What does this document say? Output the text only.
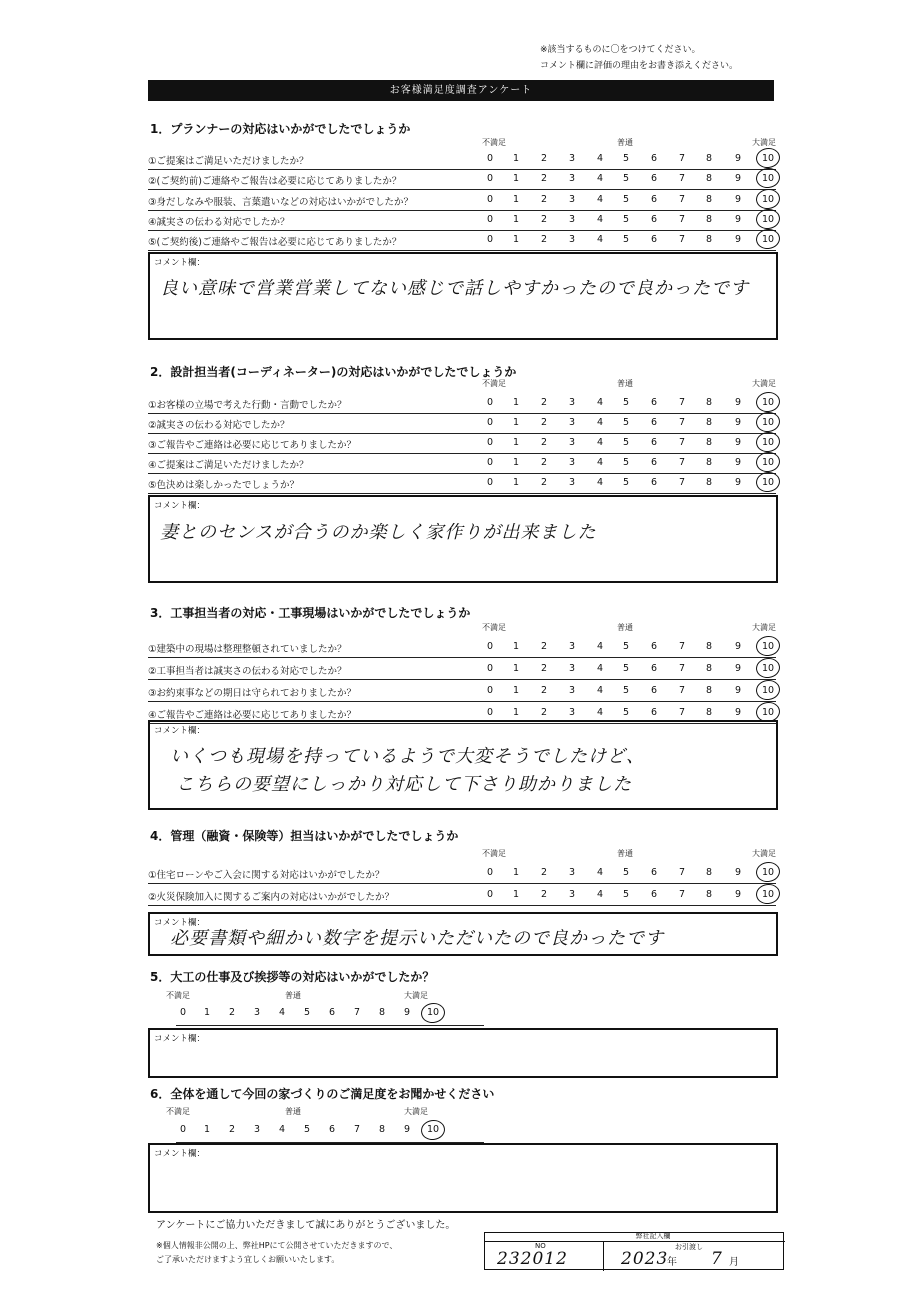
※該当するものに〇をつけてください。
コメント欄に評価の理由をお書き添えください。
お客様満足度調査アンケート
1．プランナーの対応はいかがでしたでしょうか
不満足	普通	大満足
①ご提案はご満足いただけましたか？	0	1	2	3	4	5	6	7	8	9	10
②(ご契約前)ご連絡やご報告は必要に応じてありましたか？	0	1	2	3	4	5	6	7	8	9	10
③身だしなみや服装、言葉遣いなどの対応はいかがでしたか？	0	1	2	3	4	5	6	7	8	9	10
④誠実さの伝わる対応でしたか？	0	1	2	3	4	5	6	7	8	9	10
⑤(ご契約後)ご連絡やご報告は必要に応じてありましたか？	0	1	2	3	4	5	6	7	8	9	10
コメント欄：
良い意味で営業営業してない感じで話しやすかったので良かったです
2．設計担当者(コーディネーター)の対応はいかがでしたでしょうか
不満足	普通	大満足
①お客様の立場で考えた行動・言動でしたか？	0	1	2	3	4	5	6	7	8	9	10
②誠実さの伝わる対応でしたか？	0	1	2	3	4	5	6	7	8	9	10
③ご報告やご連絡は必要に応じてありましたか？	0	1	2	3	4	5	6	7	8	9	10
④ご提案はご満足いただけましたか？	0	1	2	3	4	5	6	7	8	9	10
⑤色決めは楽しかったでしょうか？	0	1	2	3	4	5	6	7	8	9	10
コメント欄：
妻とのセンスが合うのか楽しく家作りが出来ました
3．工事担当者の対応・工事現場はいかがでしたでしょうか
不満足	普通	大満足
①建築中の現場は整理整頓されていましたか？	0	1	2	3	4	5	6	7	8	9	10
②工事担当者は誠実さの伝わる対応でしたか？	0	1	2	3	4	5	6	7	8	9	10
③お約束事などの期日は守られておりましたか？	0	1	2	3	4	5	6	7	8	9	10
④ご報告やご連絡は必要に応じてありましたか？	0	1	2	3	4	5	6	7	8	9	10
コメント欄：
いくつも現場を持っているようで大変そうでしたけど、
こちらの要望にしっかり対応して下さり助かりました
4．管理（融資・保険等）担当はいかがでしたでしょうか
不満足	普通	大満足
①住宅ローンやご入会に関する対応はいかがでしたか？	0	1	2	3	4	5	6	7	8	9	10
②火災保険加入に関するご案内の対応はいかがでしたか？	0	1	2	3	4	5	6	7	8	9	10
コメント欄：
必要書類や細かい数字を提示いただいたので良かったです
5．大工の仕事及び挨拶等の対応はいかがでしたか？
不満足	普通	大満足
0	1	2	3	4	5	6	7	8	9	10
コメント欄：
6．全体を通して今回の家づくりのご満足度をお聞かせください
不満足	普通	大満足
0	1	2	3	4	5	6	7	8	9	10
コメント欄：
アンケートにご協力いただきまして誠にありがとうございました。
※個人情報非公開の上、弊社HPにて公開させていただきますので、
ご了承いただけますよう宜しくお願いいたします。
弊社記入欄
NO	お引渡し
232012	2023
年 7 月
